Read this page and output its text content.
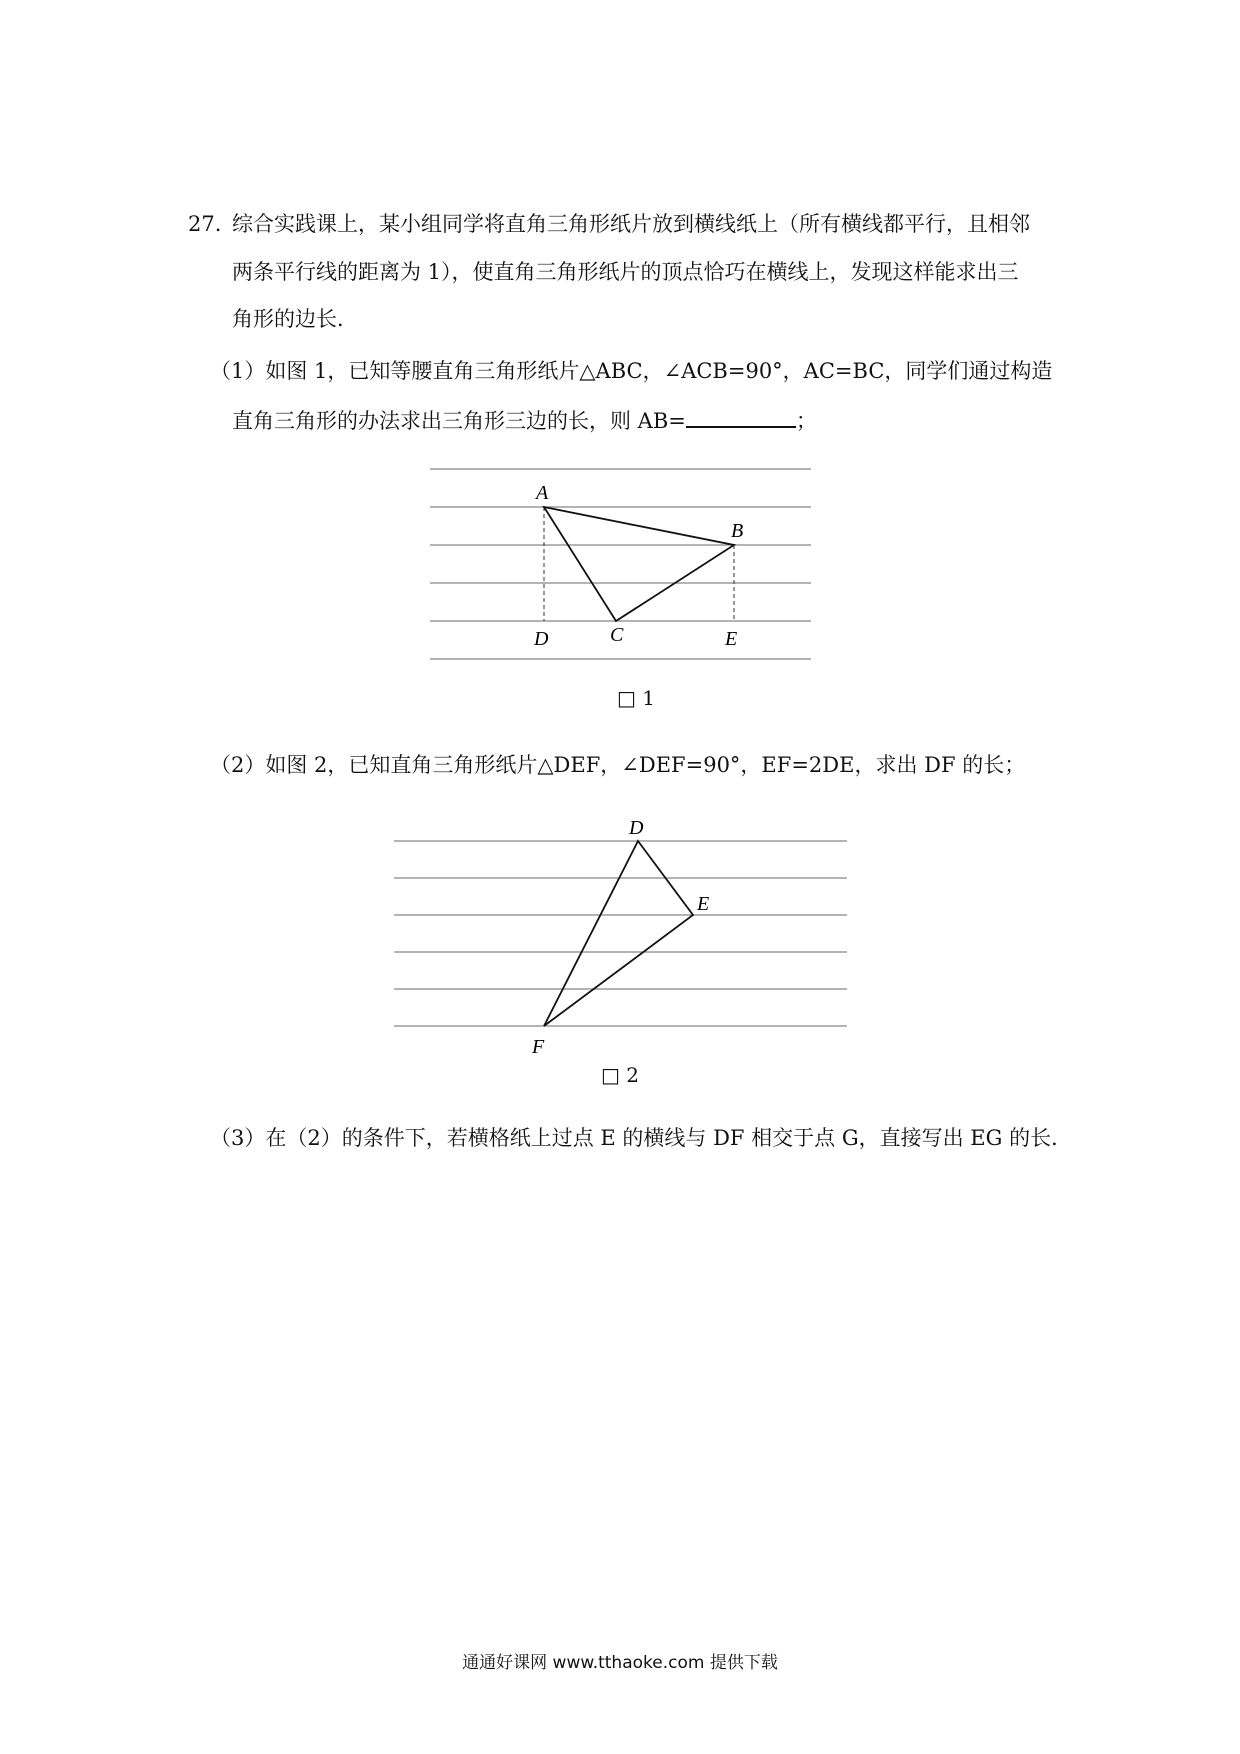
27. 综合实践课上，某小组同学将直角三角形纸片放到横线纸上（所有横线都平行，且相邻
两条平行线的距离为 1），使直角三角形纸片的顶点恰巧在横线上，发现这样能求出三
角形的边长．
（1）如图 1，已知等腰直角三角形纸片△ABC，∠ACB=90°，AC=BC，同学们通过构造
直角三角形的办法求出三角形三边的长，则 AB=	；
A
B
C
D	E
□ 1
（2）如图 2，已知直角三角形纸片△DEF，∠DEF=90°，EF=2DE，求出 DF 的长；
D
E
F
□ 2
（3）在（2）的条件下，若横格纸上过点 E 的横线与 DF 相交于点 G，直接写出 EG 的长．
通通好课网 www.tthaoke.com 提供下载
